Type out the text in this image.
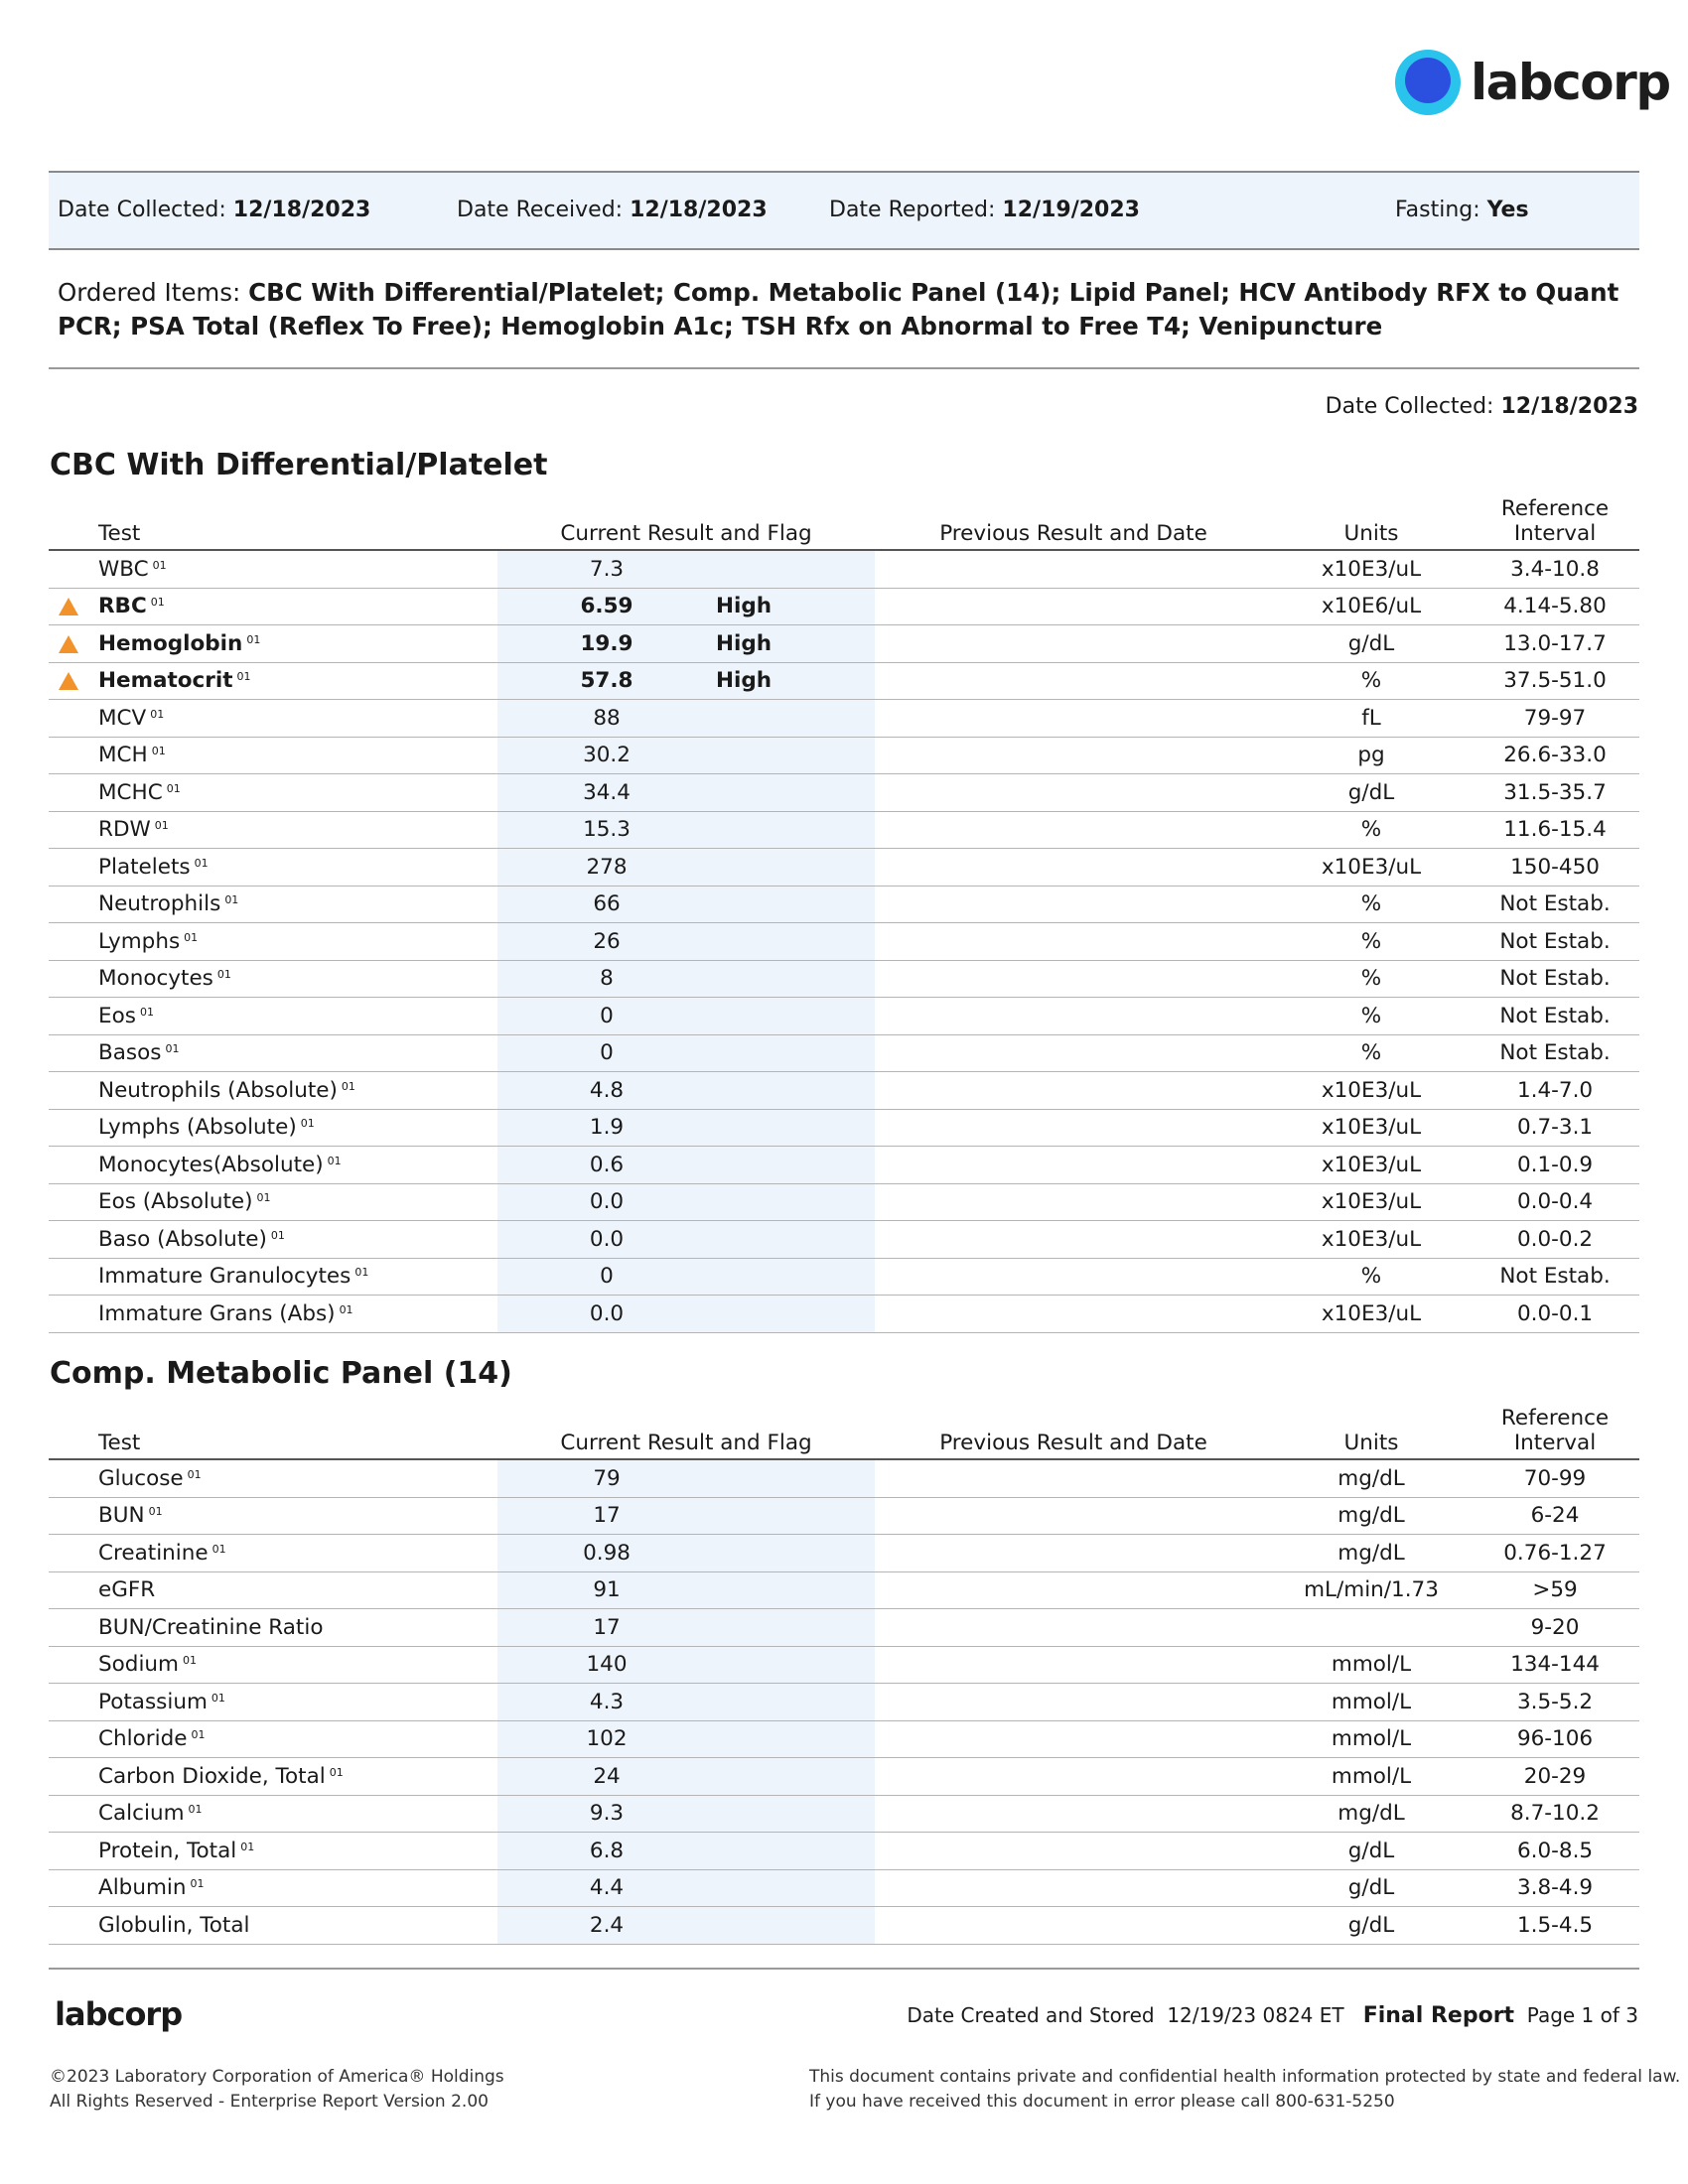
labcorp
Date Collected: 12/18/2023	Date Received: 12/18/2023	Date Reported: 12/19/2023	Fasting: Yes
Ordered Items: CBC With Differential/Platelet; Comp. Metabolic Panel (14); Lipid Panel; HCV Antibody RFX to Quant PCR; PSA Total (Reflex To Free); Hemoglobin A1c; TSH Rfx on Abnormal to Free T4; Venipuncture
Date Collected: 12/18/2023
CBC With Differential/Platelet
	Test	Current Result and Flag		Previous Result and Date	Units	Reference Interval
	WBC $^{01}$	7.3			x10E3/uL	3.4-10.8
	RBC $^{01}$	6.59	High		x10E6/uL	4.14-5.80
	Hemoglobin $^{01}$	19.9	High		g/dL	13.0-17.7
	Hematocrit $^{01}$	57.8	High		%	37.5-51.0
	MCV $^{01}$	88			fL	79-97
	MCH $^{01}$	30.2			pg	26.6-33.0
	MCHC $^{01}$	34.4			g/dL	31.5-35.7
	RDW $^{01}$	15.3			%	11.6-15.4
	Platelets $^{01}$	278			x10E3/uL	150-450
	Neutrophils $^{01}$	66			%	Not Estab.
	Lymphs $^{01}$	26			%	Not Estab.
	Monocytes $^{01}$	8			%	Not Estab.
	Eos $^{01}$	0			%	Not Estab.
	Basos $^{01}$	0			%	Not Estab.
	Neutrophils (Absolute) $^{01}$	4.8			x10E3/uL	1.4-7.0
	Lymphs (Absolute) $^{01}$	1.9			x10E3/uL	0.7-3.1
	Monocytes(Absolute) $^{01}$	0.6			x10E3/uL	0.1-0.9
	Eos (Absolute) $^{01}$	0.0			x10E3/uL	0.0-0.4
	Baso (Absolute) $^{01}$	0.0			x10E3/uL	0.0-0.2
	Immature Granulocytes $^{01}$	0			%	Not Estab.
	Immature Grans (Abs) $^{01}$	0.0			x10E3/uL	0.0-0.1
Comp. Metabolic Panel (14)
	Test	Current Result and Flag		Previous Result and Date	Units	Reference Interval
	Glucose $^{01}$	79			mg/dL	70-99
	BUN $^{01}$	17			mg/dL	6-24
	Creatinine $^{01}$	0.98			mg/dL	0.76-1.27
	eGFR	91			mL/min/1.73	>59
	BUN/Creatinine Ratio	17				9-20
	Sodium $^{01}$	140			mmol/L	134-144
	Potassium $^{01}$	4.3			mmol/L	3.5-5.2
	Chloride $^{01}$	102			mmol/L	96-106
	Carbon Dioxide, Total $^{01}$	24			mmol/L	20-29
	Calcium $^{01}$	9.3			mg/dL	8.7-10.2
	Protein, Total $^{01}$	6.8			g/dL	6.0-8.5
	Albumin $^{01}$	4.4			g/dL	3.8-4.9
	Globulin, Total	2.4			g/dL	1.5-4.5
labcorp	Date Created and Stored 12/19/23 0824 ET Final Report Page 1 of 3
©2023 Laboratory Corporation of America® Holdings
All Rights Reserved - Enterprise Report Version 2.00
This document contains private and confidential health information protected by state and federal law.
If you have received this document in error please call 800-631-5250
